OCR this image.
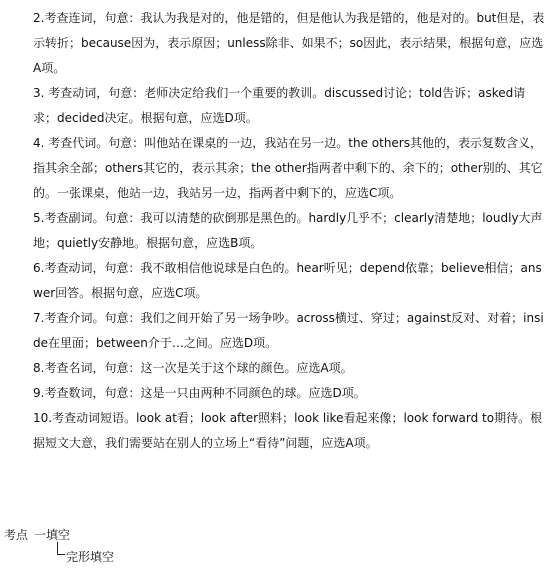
2.考查连词，句意：我认为我是对的，他是错的，但是他认为我是错的，他是对的。but但是，表示转折；because因为，表示原因；unless除非、如果不；so因此，表示结果，根据句意，应选A项。

3. 考查动词，句意：老师决定给我们一个重要的教训。discussed讨论；told告诉；asked请求；decided决定。根据句意，应选D项。

4. 考查代词。句意：叫他站在课桌的一边，我站在另一边。the others其他的，表示复数含义，指其余全部；others其它的，表示其余；the other指两者中剩下的、余下的；other别的、其它的。一张课桌，他站一边，我站另一边，指两者中剩下的，应选C项。

5.考查副词。句意：我可以清楚的砍倒那是黑色的。hardly几乎不；clearly清楚地；loudly大声地；quietly安静地。根据句意，应选B项。

6.考查动词，句意：我不敢相信他说球是白色的。hear听见；depend依靠；believe相信；answer回答。根据句意，应选C项。

7.考查介词。句意：我们之间开始了另一场争吵。across横过、穿过；against反对、对着；inside在里面；between介于…之间。应选D项。

8.考查名词，句意：这一次是关于这个球的颜色。应选A项。

9.考查数词，句意：这是一只由两种不同颜色的球。应选D项。

10.考查动词短语。look at看；look after照料；look like看起来像；look forward to期待。根据短文大意，我们需要站在别人的立场上“看待”问题，应选A项。

考点 一填空
完形填空
